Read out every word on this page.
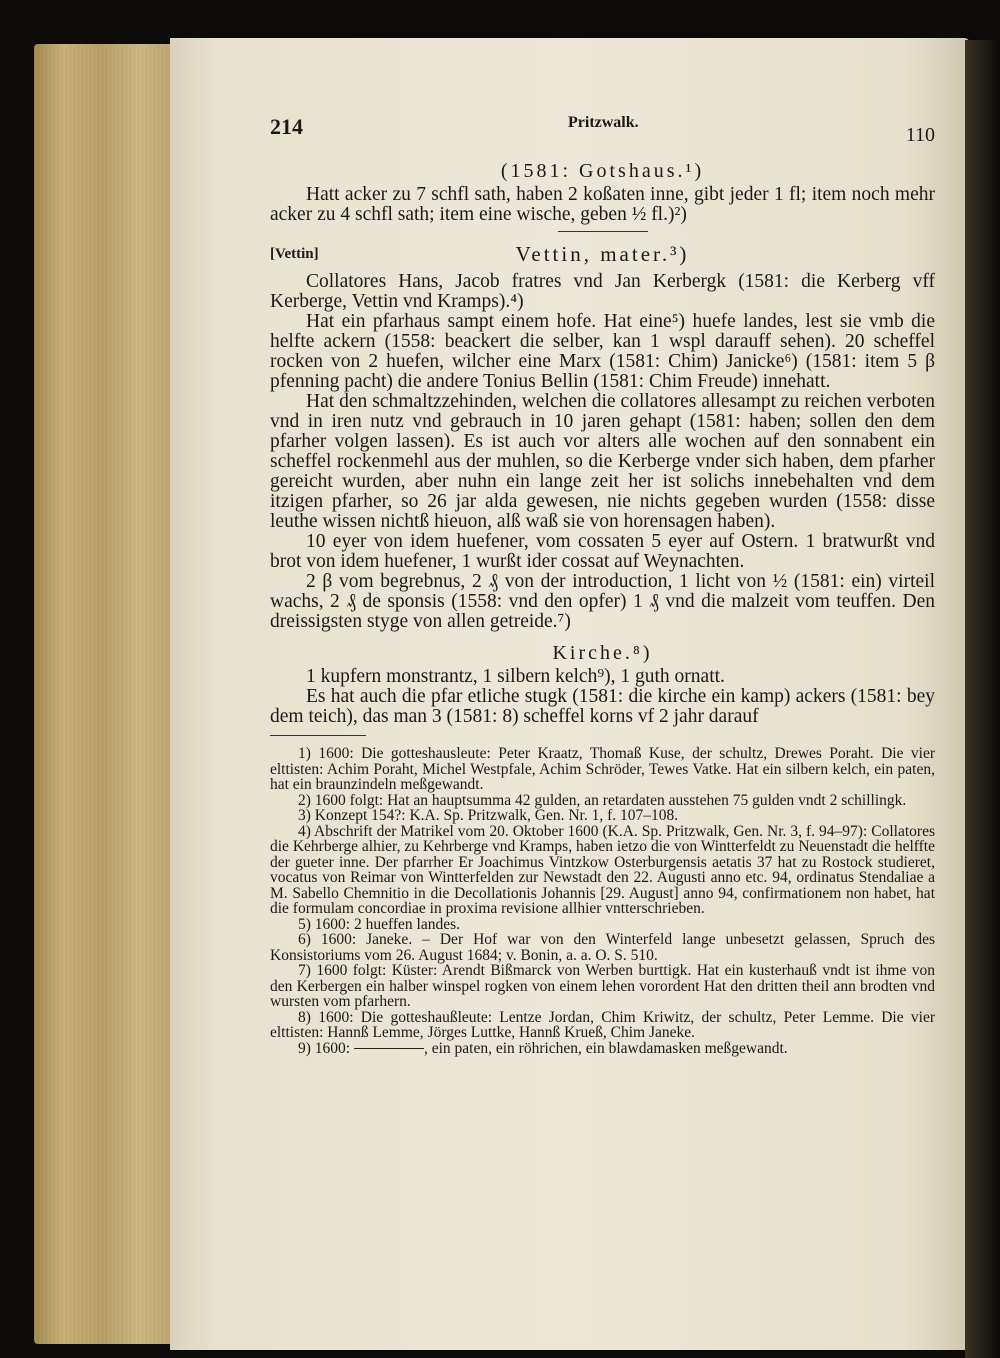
214	Pritzwalk.
110
(1581: Gotshaus.¹)

Hatt acker zu 7 schfl sath, haben 2 koßaten inne, gibt jeder 1 fl; item noch mehr acker zu 4 schfl sath; item eine wische, geben ½ fl.)²)

[Vettin]	Vettin, mater.³)

Collatores Hans, Jacob fratres vnd Jan Kerbergk (1581: die Kerberg vff Kerberge, Vettin vnd Kramps).⁴)

Hat ein pfarhaus sampt einem hofe. Hat eine⁵) huefe landes, lest sie vmb die helfte ackern (1558: beackert die selber, kan 1 wspl darauff sehen). 20 scheffel rocken von 2 huefen, wilcher eine Marx (1581: Chim) Janicke⁶) (1581: item 5 β pfenning pacht) die andere Tonius Bellin (1581: Chim Freude) innehatt.

Hat den schmaltzzehinden, welchen die collatores allesampt zu reichen verboten vnd in iren nutz vnd gebrauch in 10 jaren gehapt (1581: haben; sollen den dem pfarher volgen lassen). Es ist auch vor alters alle wochen auf den sonnabent ein scheffel rockenmehl aus der muhlen, so die Kerberge vnder sich haben, dem pfarher gereicht wurden, aber nuhn ein lange zeit her ist solichs innebehalten vnd dem itzigen pfarher, so 26 jar alda gewesen, nie nichts gegeben wurden (1558: disse leuthe wissen nichtß hieuon, alß waß sie von horensagen haben).

10 eyer von idem huefener, vom cossaten 5 eyer auf Ostern. 1 bratwurßt vnd brot von idem huefener, 1 wurßt ider cossat auf Weynachten.

2 β vom begrebnus, 2 ₰ von der introduction, 1 licht von ½ (1581: ein) virteil wachs, 2 ₰ de sponsis (1558: vnd den opfer) 1 ₰ vnd die malzeit vom teuffen. Den dreissigsten styge von allen getreide.⁷)

Kirche.⁸)

1 kupfern monstrantz, 1 silbern kelch⁹), 1 guth ornatt.

Es hat auch die pfar etliche stugk (1581: die kirche ein kamp) ackers (1581: bey dem teich), das man 3 (1581: 8) scheffel korns vf 2 jahr darauf

1) 1600: Die gotteshausleute: Peter Kraatz, Thomaß Kuse, der schultz, Drewes Poraht. Die vier elttisten: Achim Poraht, Michel Westpfale, Achim Schröder, Tewes Vatke. Hat ein silbern kelch, ein paten, hat ein braunzindeln meßgewandt.

2) 1600 folgt: Hat an hauptsumma 42 gulden, an retardaten ausstehen 75 gulden vndt 2 schillingk.

3) Konzept 154?: K.A. Sp. Pritzwalk, Gen. Nr. 1, f. 107–108.

4) Abschrift der Matrikel vom 20. Oktober 1600 (K.A. Sp. Pritzwalk, Gen. Nr. 3, f. 94–97): Collatores die Kehrberge alhier, zu Kehrberge vnd Kramps, haben ietzo die von Wintterfeldt zu Neuenstadt die helffte der gueter inne. Der pfarrher Er Joachimus Vintzkow Osterburgensis aetatis 37 hat zu Rostock studieret, vocatus von Reimar von Wintterfelden zur Newstadt den 22. Augusti anno etc. 94, ordinatus Stendaliae a M. Sabello Chemnitio in die Decollationis Johannis [29. August] anno 94, confirmationem non habet, hat die formulam concordiae in proxima revisione allhier vntterschrieben.

5) 1600: 2 hueffen landes.

6) 1600: Janeke. – Der Hof war von den Winterfeld lange unbesetzt gelassen, Spruch des Konsistoriums vom 26. August 1684; v. Bonin, a. a. O. S. 510.

7) 1600 folgt: Küster: Arendt Bißmarck von Werben burttigk. Hat ein kusterhauß vndt ist ihme von den Kerbergen ein halber winspel rogken von einem lehen vorordent Hat den dritten theil ann brodten vnd wursten vom pfarhern.

8) 1600: Die gotteshaußleute: Lentze Jordan, Chim Kriwitz, der schultz, Peter Lemme. Die vier elttisten: Hannß Lemme, Jörges Luttke, Hannß Krueß, Chim Janeke.

9) 1600:	, ein paten, ein röhrichen, ein blawdamasken meßgewandt.
